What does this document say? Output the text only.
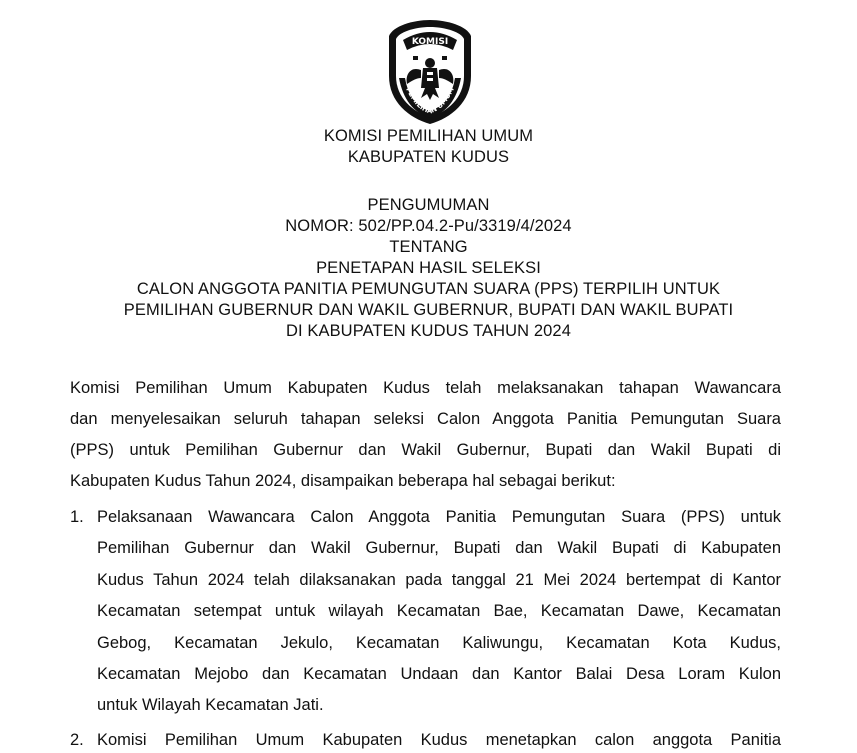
KOMISI
PEMILIHAN UMUM
KOMISI PEMILIHAN UMUM
KABUPATEN KUDUS
PENGUMUMAN
NOMOR: 502/PP.04.2-Pu/3319/4/2024
TENTANG
PENETAPAN HASIL SELEKSI
CALON ANGGOTA PANITIA PEMUNGUTAN SUARA (PPS) TERPILIH UNTUK
PEMILIHAN GUBERNUR DAN WAKIL GUBERNUR, BUPATI DAN WAKIL BUPATI
DI KABUPATEN KUDUS TAHUN 2024

Komisi Pemilihan Umum Kabupaten Kudus telah melaksanakan tahapan Wawancara
dan menyelesaikan seluruh tahapan seleksi Calon Anggota Panitia Pemungutan Suara
(PPS) untuk Pemilihan Gubernur dan Wakil Gubernur, Bupati dan Wakil Bupati di
Kabupaten Kudus Tahun 2024, disampaikan beberapa hal sebagai berikut:

1. Pelaksanaan Wawancara Calon Anggota Panitia Pemungutan Suara (PPS) untuk
Pemilihan Gubernur dan Wakil Gubernur, Bupati dan Wakil Bupati di Kabupaten
Kudus Tahun 2024 telah dilaksanakan pada tanggal 21 Mei 2024 bertempat di Kantor
Kecamatan setempat untuk wilayah Kecamatan Bae, Kecamatan Dawe, Kecamatan
Gebog, Kecamatan Jekulo, Kecamatan Kaliwungu, Kecamatan Kota Kudus,
Kecamatan Mejobo dan Kecamatan Undaan dan Kantor Balai Desa Loram Kulon
untuk Wilayah Kecamatan Jati.
2. Komisi Pemilihan Umum Kabupaten Kudus menetapkan calon anggota Panitia
